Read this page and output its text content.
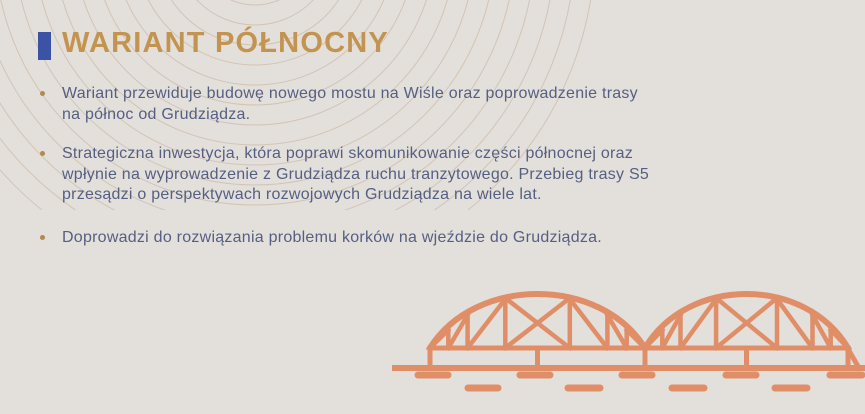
WARIANT PÓŁNOCNY

Wariant przewiduje budowę nowego mostu na Wiśle oraz poprowadzenie trasy
na północ od Grudziądza.

Strategiczna inwestycja, która poprawi skomunikowanie części północnej oraz
wpłynie na wyprowadzenie z Grudziądza ruchu tranzytowego. Przebieg trasy S5
przesądzi o perspektywach rozwojowych Grudziądza na wiele lat.

Doprowadzi do rozwiązania problemu korków na wjeździe do Grudziądza.
